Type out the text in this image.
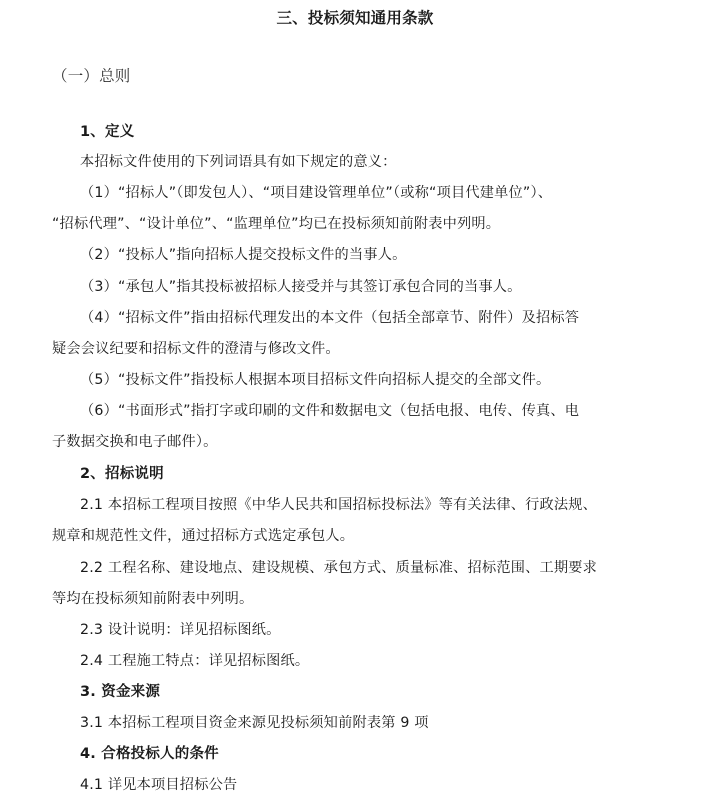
三、投标须知通用条款
（一）总则
1、定义
本招标文件使用的下列词语具有如下规定的意义：
（1）“招标人”（即发包人）、“项目建设管理单位”（或称“项目代建单位”）、
“招标代理”、“设计单位”、“监理单位”均已在投标须知前附表中列明。
（2）“投标人”指向招标人提交投标文件的当事人。
（3）“承包人”指其投标被招标人接受并与其签订承包合同的当事人。
（4）“招标文件”指由招标代理发出的本文件（包括全部章节、附件）及招标答
疑会会议纪要和招标文件的澄清与修改文件。
（5）“投标文件”指投标人根据本项目招标文件向招标人提交的全部文件。
（6）“书面形式”指打字或印刷的文件和数据电文（包括电报、电传、传真、电
子数据交换和电子邮件）。
2、招标说明
2.1 本招标工程项目按照《中华人民共和国招标投标法》等有关法律、行政法规、
规章和规范性文件，通过招标方式选定承包人。
2.2 工程名称、建设地点、建设规模、承包方式、质量标准、招标范围、工期要求
等均在投标须知前附表中列明。
2.3 设计说明：详见招标图纸。
2.4 工程施工特点：详见招标图纸。
3. 资金来源
3.1 本招标工程项目资金来源见投标须知前附表第 9 项
4. 合格投标人的条件
4.1 详见本项目招标公告
